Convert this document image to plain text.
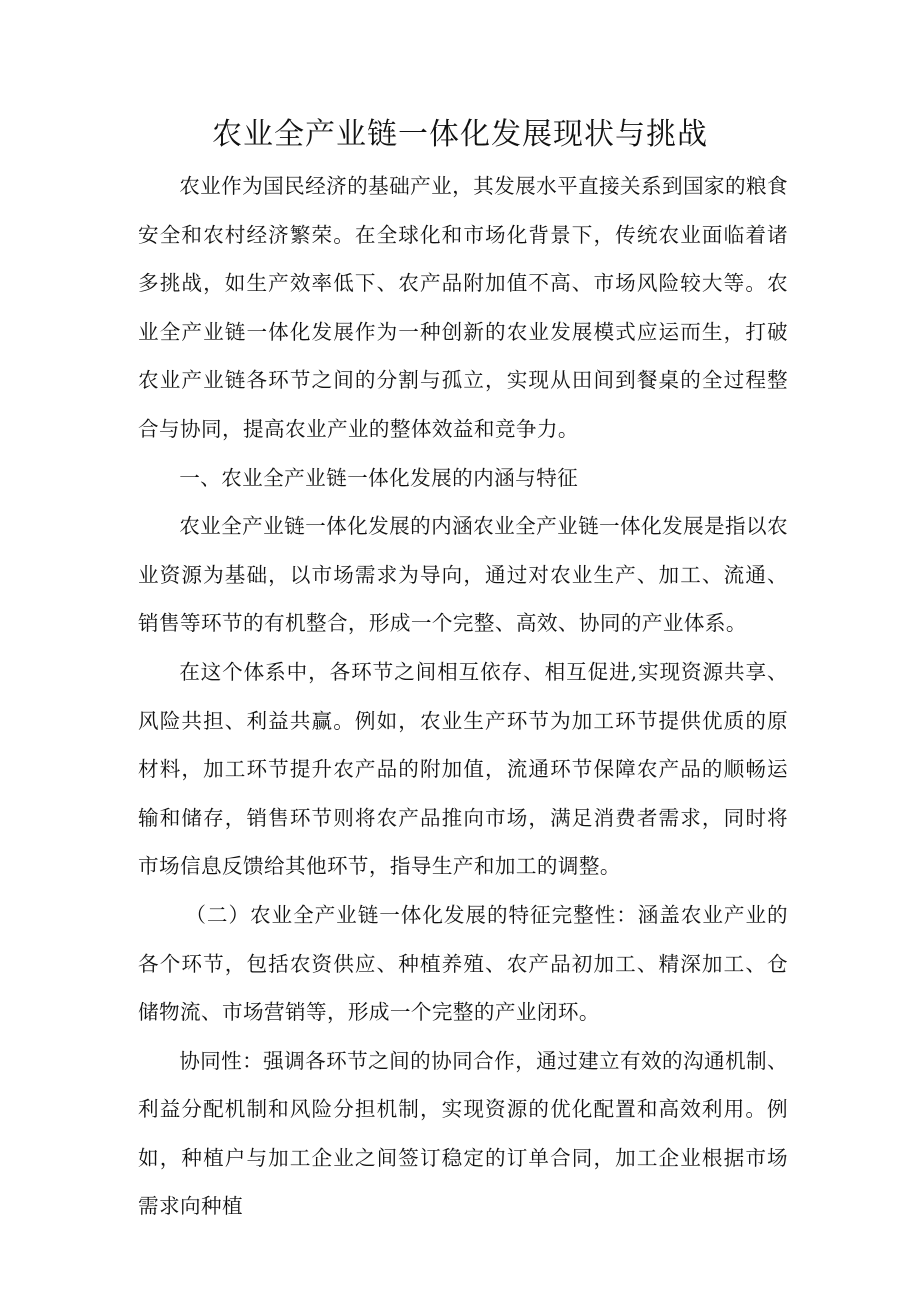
农业全产业链一体化发展现状与挑战

农业作为国民经济的基础产业，其发展水平直接关系到国家的粮食安全和农村经济繁荣。在全球化和市场化背景下，传统农业面临着诸多挑战，如生产效率低下、农产品附加值不高、市场风险较大等。农业全产业链一体化发展作为一种创新的农业发展模式应运而生，打破农业产业链各环节之间的分割与孤立，实现从田间到餐桌的全过程整合与协同，提高农业产业的整体效益和竞争力。

一、农业全产业链一体化发展的内涵与特征

农业全产业链一体化发展的内涵农业全产业链一体化发展是指以农业资源为基础，以市场需求为导向，通过对农业生产、加工、流通、销售等环节的有机整合，形成一个完整、高效、协同的产业体系。

在这个体系中，各环节之间相互依存、相互促进,实现资源共享、风险共担、利益共赢。例如，农业生产环节为加工环节提供优质的原材料，加工环节提升农产品的附加值，流通环节保障农产品的顺畅运输和储存，销售环节则将农产品推向市场，满足消费者需求，同时将市场信息反馈给其他环节，指导生产和加工的调整。

（二）农业全产业链一体化发展的特征完整性：涵盖农业产业的各个环节，包括农资供应、种植养殖、农产品初加工、精深加工、仓储物流、市场营销等，形成一个完整的产业闭环。

协同性：强调各环节之间的协同合作，通过建立有效的沟通机制、利益分配机制和风险分担机制，实现资源的优化配置和高效利用。例如，种植户与加工企业之间签订稳定的订单合同，加工企业根据市场需求向种植
